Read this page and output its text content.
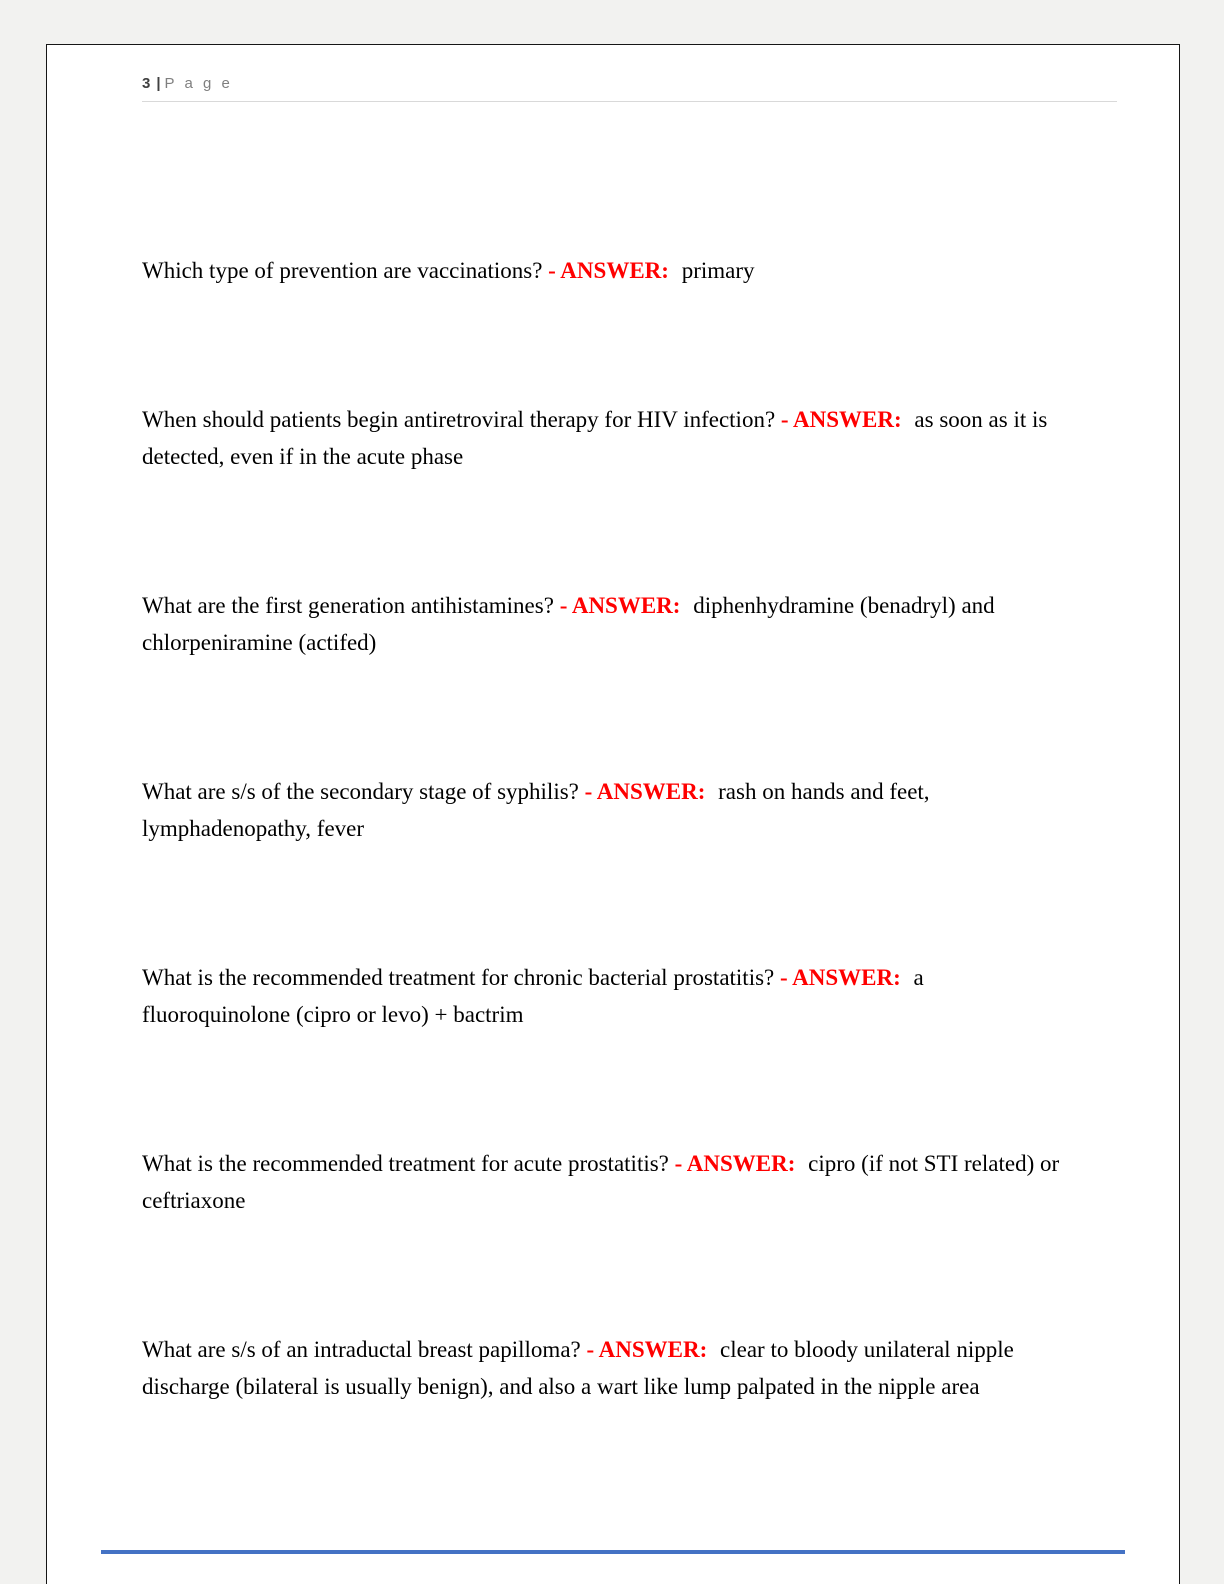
3 | P a g e

Which type of prevention are vaccinations? - ANSWER: primary

When should patients begin antiretroviral therapy for HIV infection? - ANSWER: as soon as it is detected, even if in the acute phase

What are the first generation antihistamines? - ANSWER: diphenhydramine (benadryl) and chlorpeniramine (actifed)

What are s/s of the secondary stage of syphilis? - ANSWER: rash on hands and feet, lymphadenopathy, fever

What is the recommended treatment for chronic bacterial prostatitis? - ANSWER: a fluoroquinolone (cipro or levo) + bactrim

What is the recommended treatment for acute prostatitis? - ANSWER: cipro (if not STI related) or ceftriaxone

What are s/s of an intraductal breast papilloma? - ANSWER: clear to bloody unilateral nipple discharge (bilateral is usually benign), and also a wart like lump palpated in the nipple area
